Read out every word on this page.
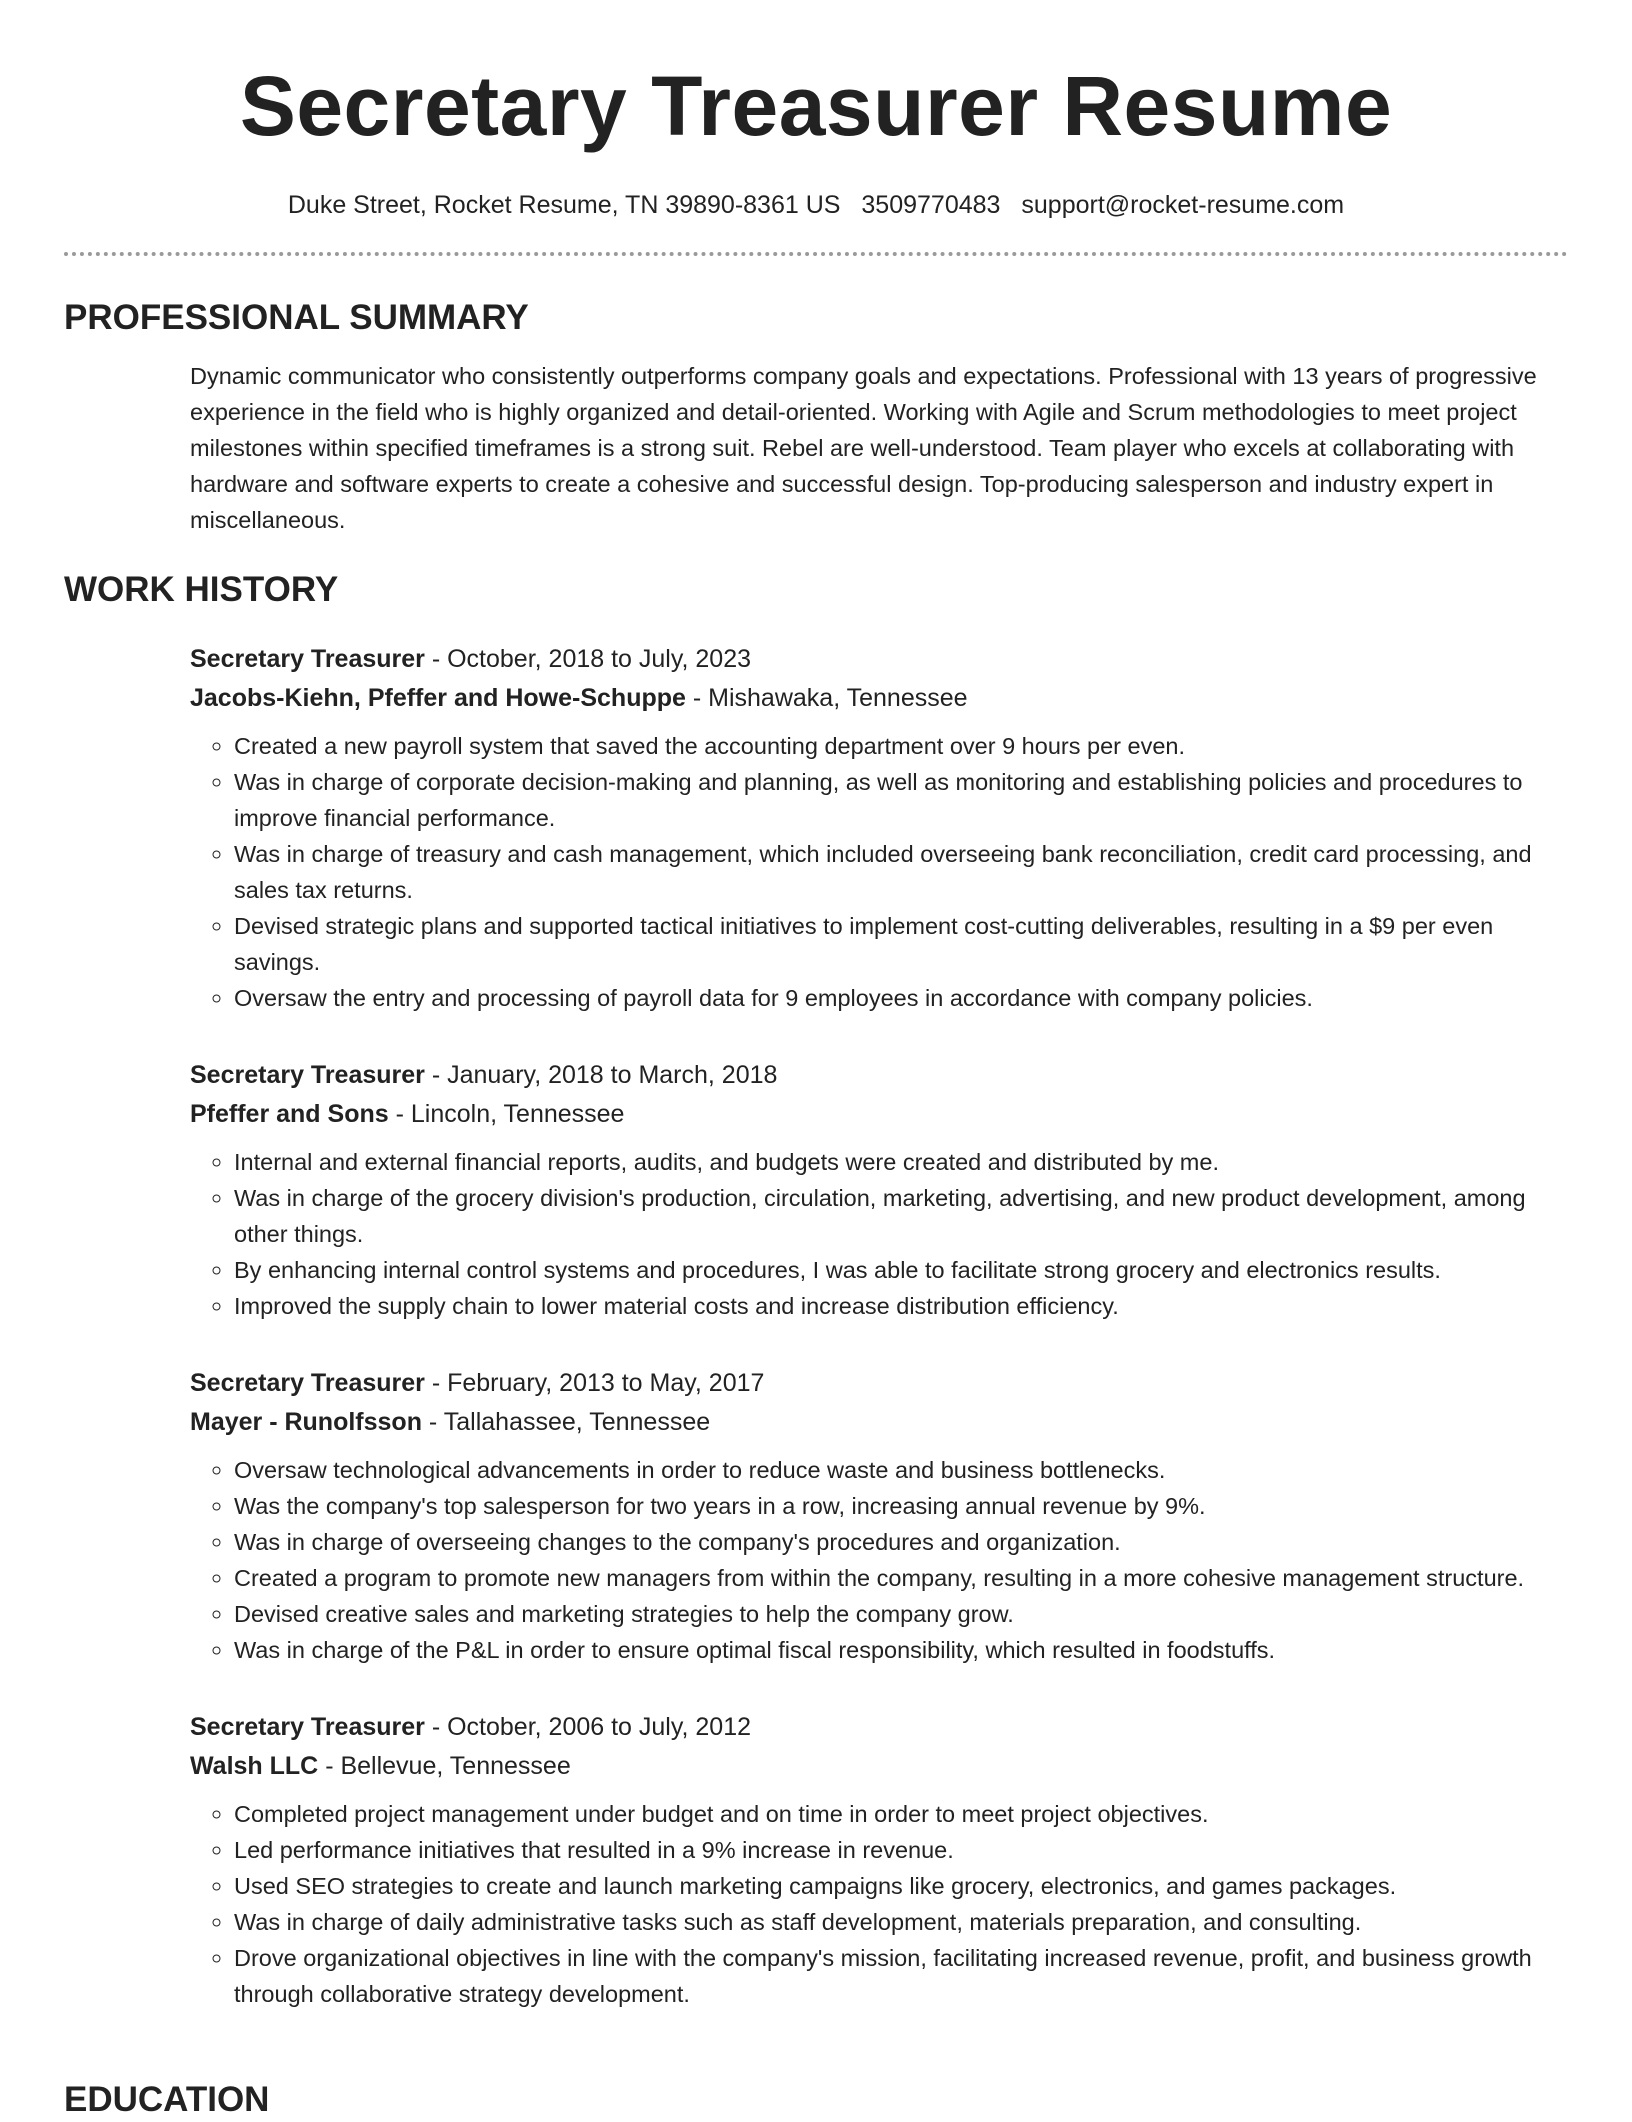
Secretary Treasurer Resume
Duke Street, Rocket Resume, TN 39890-8361 US 3509770483 support@rocket-resume.com
PROFESSIONAL SUMMARY

Dynamic communicator who consistently outperforms company goals and expectations. Professional with 13 years of progressive experience in the field who is highly organized and detail-oriented. Working with Agile and Scrum methodologies to meet project milestones within specified timeframes is a strong suit. Rebel are well-understood. Team player who excels at collaborating with hardware and software experts to create a cohesive and successful design. Top-producing salesperson and industry expert in miscellaneous.

WORK HISTORY
Secretary Treasurer - October, 2018 to July, 2023
Jacobs-Kiehn, Pfeffer and Howe-Schuppe - Mishawaka, Tennessee
◦ Created a new payroll system that saved the accounting department over 9 hours per even.
◦ Was in charge of corporate decision-making and planning, as well as monitoring and establishing policies and procedures to improve financial performance.
◦ Was in charge of treasury and cash management, which included overseeing bank reconciliation, credit card processing, and sales tax returns.
◦ Devised strategic plans and supported tactical initiatives to implement cost-cutting deliverables, resulting in a $9 per even savings.
◦ Oversaw the entry and processing of payroll data for 9 employees in accordance with company policies.
Secretary Treasurer - January, 2018 to March, 2018
Pfeffer and Sons - Lincoln, Tennessee
◦ Internal and external financial reports, audits, and budgets were created and distributed by me.
◦ Was in charge of the grocery division's production, circulation, marketing, advertising, and new product development, among other things.
◦ By enhancing internal control systems and procedures, I was able to facilitate strong grocery and electronics results.
◦ Improved the supply chain to lower material costs and increase distribution efficiency.
Secretary Treasurer - February, 2013 to May, 2017
Mayer - Runolfsson - Tallahassee, Tennessee
◦ Oversaw technological advancements in order to reduce waste and business bottlenecks.
◦ Was the company's top salesperson for two years in a row, increasing annual revenue by 9%.
◦ Was in charge of overseeing changes to the company's procedures and organization.
◦ Created a program to promote new managers from within the company, resulting in a more cohesive management structure.
◦ Devised creative sales and marketing strategies to help the company grow.
◦ Was in charge of the P&L in order to ensure optimal fiscal responsibility, which resulted in foodstuffs.
Secretary Treasurer - October, 2006 to July, 2012
Walsh LLC - Bellevue, Tennessee
◦ Completed project management under budget and on time in order to meet project objectives.
◦ Led performance initiatives that resulted in a 9% increase in revenue.
◦ Used SEO strategies to create and launch marketing campaigns like grocery, electronics, and games packages.
◦ Was in charge of daily administrative tasks such as staff development, materials preparation, and consulting.
◦ Drove organizational objectives in line with the company's mission, facilitating increased revenue, profit, and business growth through collaborative strategy development.
EDUCATION
